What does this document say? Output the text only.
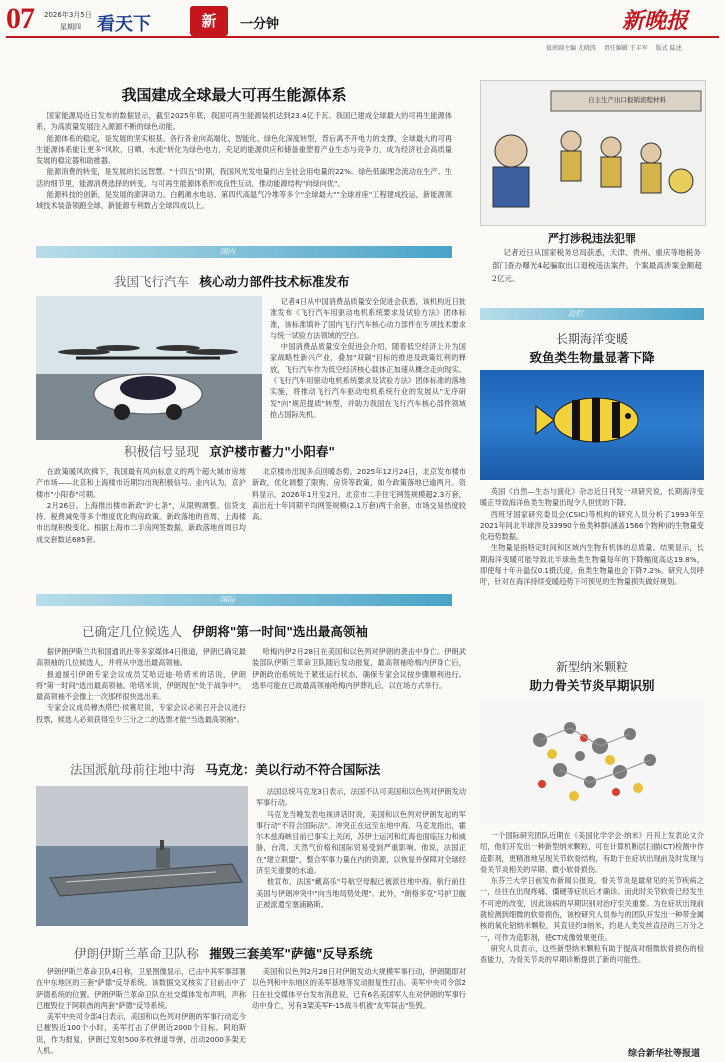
07 2026年3月5日
星期四 看天下	新	一分钟	新晚报
值班副主编 尤晓涛 责任编辑 王丰军 版式 陆述
我国建成全球最大可再生能源体系

国家能源局近日发布的数据显示，截至2025年底，我国可再生能源装机达到23.4亿千瓦。我国已建成全球最大的可再生能源体系，为高质量发展注入源源不断的绿色动能。

能源体系的稳定，是发展的坚实根基。各行各业向高端化、智能化、绿色化深度转型，背后离不开电力的支撑，全球最大的可再生能源体系能让更多"风吹、日晒、水流"转化为绿色电力，充足的能源供应和储备重塑着产业生态与竞争力，成为经济社会高质量发展的稳定器和助推器。

能源消费的转变，是发展的长远智慧。"十四五"时期，我国风光发电量约占全社会用电量的22%。绿色低碳理念流动在生产、生活的细节里，能源消费选择的转变，与可再生能源体系形成良性互动，推动能源结构"向绿向优"。

能源科技的创新，是发展的澎湃动力。白鹤滩水电站、第四代高温气冷堆等多个"全球最大""全球首座"工程建成投运，新能源领域技术装备领跑全球，新能源专利数占全球四成以上。

自主生产出口报销流程材料
严打涉税违法犯罪

记者近日从国家税务总局获悉，天津、贵州、重庆等地税务部门查办曝光4起骗取出口退税违法案件，个案最高涉案金额超2亿元。

国内
我国飞行汽车 核心动力部件技术标准发布

记者4日从中国消费品质量安全促进会获悉，该机构近日批准发布《飞行汽车用驱动电机系统要求及试验方法》团体标准，该标准填补了国内飞行汽车核心动力部件在专项技术要求与统一试验方法领域的空白。

中国消费品质量安全促进会介绍，随着低空经济上升为国家战略性新兴产业，叠加"双碳"目标的推进及政策红利的释放，飞行汽车作为低空经济核心载体正加速从概念走向现实。《飞行汽车用驱动电机系统要求及试验方法》团体标准的落地实施，将推动飞行汽车驱动电机系统行业的发展从"无序研发"向"规范提质"转型，并助力我国在飞行汽车核心部件领域抢占国际先机。

积极信号显现 京沪楼市蓄力"小阳春"

在政策暖风吹拂下，我国最有风向标意义的两个超大城市房地产市场——北京和上海楼市近期均出现积极信号。业内认为，京沪楼市"小阳春"可期。

2月26日，上海推出楼市新政"沪七条"，从限购调整、信贷支持、税费减免等多个维度优化购房政策。新政落地的首周，上海楼市出现积极变化。根据上海市二手房网签数据，新政落地首周日均成交套数达685套。

北京楼市出现多点回暖态势。2025年12月24日，北京发布楼市新政，优化调整了限购、房贷等政策，如今政策落地已逾两月。资料显示，2026年1月至2月，北京市二手住宅网签规模超2.3万套，高出近十年同期平均网签规模(2.1万套)两千余套，市场交易热度较高。

国际
已确定几位候选人 伊朗将"第一时间"选出最高领袖

据伊朗伊斯兰共和国通讯社等多家媒体4日报道，伊朗已确定最高领袖的几位候选人，并将从中选出最高领袖。

报道援引伊朗专家会议成员艾哈迈迪·哈塔米的话说，伊朗将"第一时间"选出最高领袖。哈塔米说，伊朗现在"处于战争中"，最高领袖不会像上一次那样很快选出来。

专家会议成员穆杰塔巴·侯赛尼说，专家会议必须召开会议进行投票，候选人必须获得至少三分之二的选票才能"当选最高领袖"。

哈梅内伊2月28日在美国和以色列对伊朗的袭击中身亡。伊朗武装部队伊斯兰革命卫队随后发动报复，最高领袖哈梅内伊身亡后，伊朗政治系统处于紧张运行状态，确保专家会议按步骤顺利进行。选举可能在已故最高领袖哈梅内伊葬礼后，以在场方式举行。

法国派航母前往地中海 马克龙：美以行动不符合国际法

法国总统马克龙3日表示，法国不认可美国和以色列对伊朗发动军事行动。

马克龙当晚发表电视讲话时说，美国和以色列对伊朗发起的军事行动"不符合国际法"。冲突正在远至东地中海、马克龙指出，霍尔木兹海峡目前已事实上关闭，苏伊士运河和红海也面临压力和威胁，台湾、天然气价格和国际贸易受到严重影响。他说，法国正在"建立联盟"，整合军事力量在内的资源，以恢复并保障对全球经济至关重要的水道。

他宣布，法国"戴高乐"号航空母舰已被派往地中海，航行前往美国与伊朗冲突中"向当地局势处理"。此外，"朗格多克"号护卫舰正被派遣至塞浦路斯。

伊朗伊斯兰革命卫队称 摧毁三套美军"萨德"反导系统

伊朗伊斯兰革命卫队4日称，卫星图像显示，已击中其军事部署在中东地区的三套"萨德"反导系统。该数据交叉核实了目前击中了萨德系统的位置。伊朗伊斯兰革命卫队在社交媒体发布声明，声称已摧毁位于阿联酋的两套"萨德"反导系统。

美军中央司令部4日表示，美国和以色列对伊朗的军事行动迄今已摧毁近100个小时，美军打击了伊朗近2000个目标。阿珀斯说，作为报复，伊朗已发射500多枚弹道导弹，出动2000多架无人机。

美国和以色列2月28日对伊朗发动大规模军事行动，伊朗随即对以色列和中东地区的美军基地等发动报复性打击。美军中央司令部2日在社交媒体平台发布消息说，已有6名美国军人在对伊朗的军事行动中身亡，另有3架美军F-15战斗机被"友军误击"坠毁。

边栏
长期海洋变暖
致鱼类生物量显著下降

英国《自然—生态与演化》杂志近日刊发一项研究说，长期海洋变暖正导致海洋鱼类生物量出现令人担忧的下降。

西班牙国家研究委员会(CSIC)等机构的研究人员分析了1993年至2021年间北半球涉及33990个鱼类种群(涵盖1566个物种)的生物量变化趋势数据。

生物量是指特定时间和区域内生物有机体的总质量。结果显示，长期海洋变暖可能导致北半球鱼类生物量每年的下降幅度高达19.8%，即使每十年升温仅0.1摄氏度，鱼类生物量也会下降7.2%。研究人员呼吁，针对在海洋持续变暖趋势下可预见的生物量损失做好规划。

新型纳米颗粒
助力骨关节炎早期识别

一个国际研究团队近期在《美国化学学会·纳米》月刊上发表论文介绍，他们开发出一种新型纳米颗粒，可在计算机断层扫描(CT)检测中作造影剂，更精准地呈现关节软骨结构，有助于在症状出现前及时发现与骨关节炎相关的早期、微小软骨损伤。

东芬兰大学日前发布新闻公报说，骨关节炎是最常见的关节疾病之一，往往在出现疼痛、僵硬等症状后才确诊。而此时关节软骨已经发生不可逆的改变，因此该病的早期识别对治疗至关重要。为在症状出现前就检测到细微的软骨损伤，该校研究人员参与的团队开发出一种带金属核的氧化铝纳米颗粒，其直径约3纳米，约是人类发丝直径的三万分之一，可作为造影剂，使CT成像效果更佳。

研究人员表示，这些新型纳米颗粒有助于提高对细微软骨损伤的检查能力，为骨关节炎的早期诊断提供了新的可能性。

综合新华社等报道
